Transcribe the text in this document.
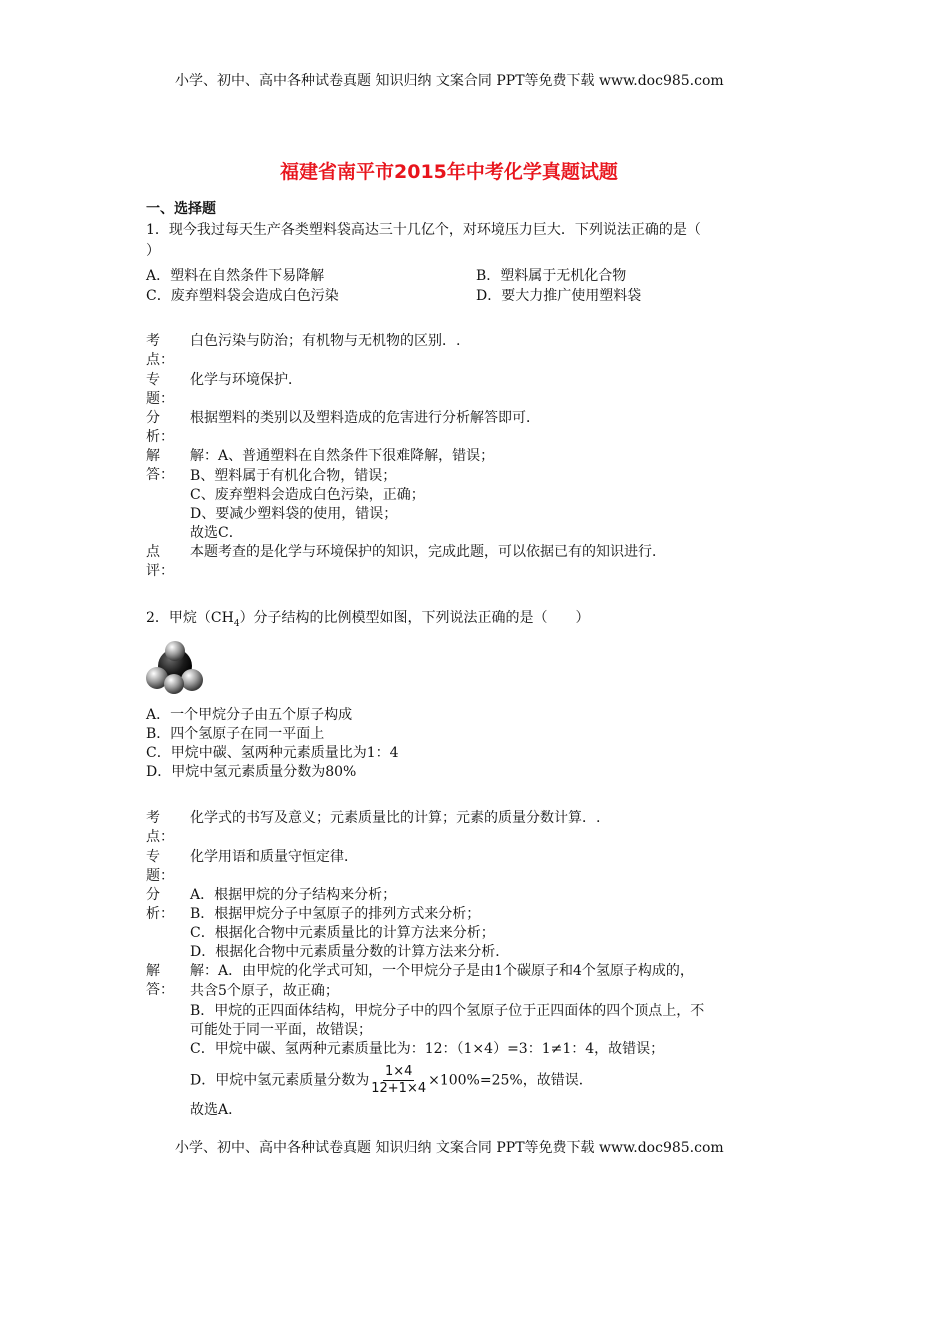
小学、初中、高中各种试卷真题 知识归纳 文案合同 PPT等免费下载 www.doc985.com
福建省南平市2015年中考化学真题试题
一、选择题
1．现今我过每天生产各类塑料袋高达三十几亿个，对环境压力巨大．下列说法正确的是（
）
A．塑料在自然条件下易降解	B．塑料属于无机化合物
C．废弃塑料袋会造成白色污染	D．要大力推广使用塑料袋
考点：
白色污染与防治；有机物与无机物的区别．.
专题：
化学与环境保护．
分析：
根据塑料的类别以及塑料造成的危害进行分析解答即可．
解答：
解：A、普通塑料在自然条件下很难降解，错误；
B、塑料属于有机化合物，错误；
C、废弃塑料会造成白色污染，正确；
D、要减少塑料袋的使用，错误；
故选C．
点评：
本题考查的是化学与环境保护的知识，完成此题，可以依据已有的知识进行．
2．甲烷$(CH_4)$分子结构的比例模型如图，下列说法正确的是（　　）
A．一个甲烷分子由五个原子构成
B．四个氢原子在同一平面上
C．甲烷中碳、氢两种元素质量比为1：4
D．甲烷中氢元素质量分数为80%
考点：
化学式的书写及意义；元素质量比的计算；元素的质量分数计算．.
专题：
化学用语和质量守恒定律．
分析：
A．根据甲烷的分子结构来分析；
B．根据甲烷分子中氢原子的排列方式来分析；
C．根据化合物中元素质量比的计算方法来分析；
D．根据化合物中元素质量分数的计算方法来分析．
解答：
解：A．由甲烷的化学式可知，一个甲烷分子是由1个碳原子和4个氢原子构成的，
共含5个原子，故正确；
B．甲烷的正四面体结构，甲烷分子中的四个氢原子位于正四面体的四个顶点上，不
可能处于同一平面，故错误；
C．甲烷中碳、氢两种元素质量比为：12：（1×4）=3：1≠1：4，故错误；
D．甲烷中氢元素质量分数为 $\frac{1\times 4}{12+1\times 4} \times 100\%=25\%$，故错误．
故选A．
小学、初中、高中各种试卷真题 知识归纳 文案合同 PPT等免费下载 www.doc985.com
